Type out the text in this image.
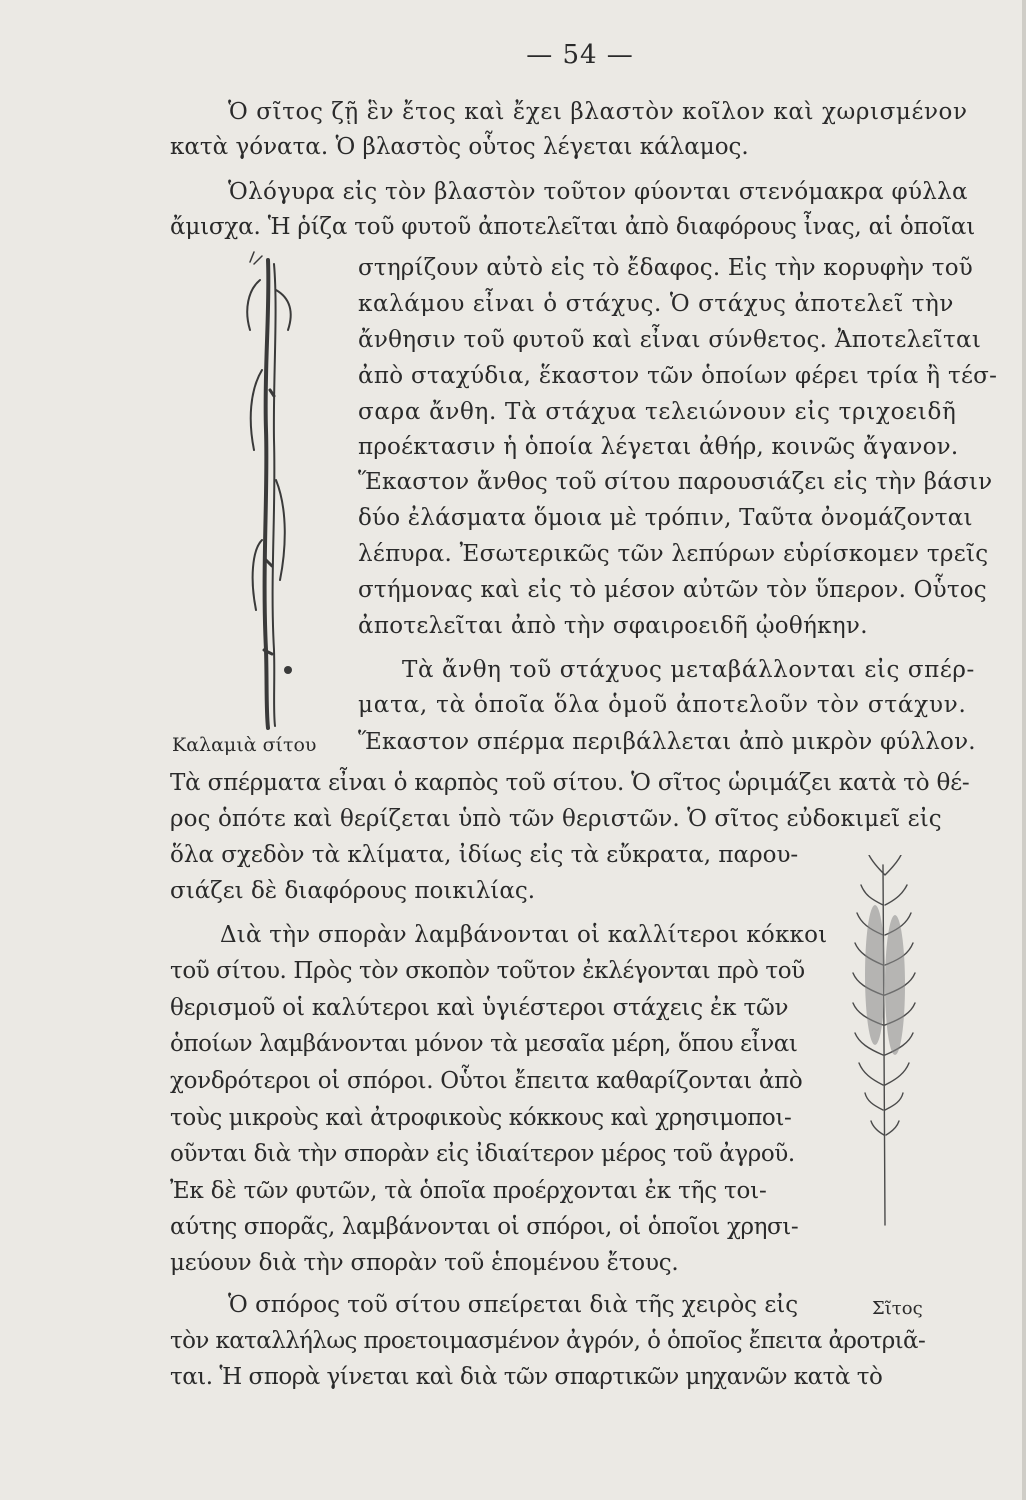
— 54 —
Ὁ σῖτος ζῇ ἓν ἔτος καὶ ἔχει βλαστὸν κοῖλον καὶ χωρισμένον
κατὰ γόνατα. Ὁ βλαστὸς οὗτος λέγεται κάλαμος.
Ὁλόγυρα εἰς τὸν βλαστὸν τοῦτον φύονται στενόμακρα φύλλα
ἄμισχα. Ἡ ῥίζα τοῦ φυτοῦ ἀποτελεῖται ἀπὸ διαφόρους ἶνας, αἱ ὁποῖαι
στηρίζουν αὐτὸ εἰς τὸ ἔδαφος. Εἰς τὴν κορυφὴν τοῦ
καλάμου εἶναι ὁ στάχυς. Ὁ στάχυς ἀποτελεῖ τὴν
ἄνθησιν τοῦ φυτοῦ καὶ εἶναι σύνθετος. Ἀποτελεῖται
ἀπὸ σταχύδια, ἕκαστον τῶν ὁποίων φέρει τρία ἢ τέσ-
σαρα ἄνθη. Τὰ στάχυα τελειώνουν εἰς τριχοειδῆ
προέκτασιν ἡ ὁποία λέγεται ἀθήρ, κοινῶς ἄγανον.
Ἕκαστον ἄνθος τοῦ σίτου παρουσιάζει εἰς τὴν βάσιν
δύο ἐλάσματα ὅμοια μὲ τρόπιν, Ταῦτα ὀνομάζονται
λέπυρα. Ἐσωτερικῶς τῶν λεπύρων εὑρίσκομεν τρεῖς
στήμονας καὶ εἰς τὸ μέσον αὐτῶν τὸν ὕπερον. Οὗτος
ἀποτελεῖται ἀπὸ τὴν σφαιροειδῆ ᾠοθήκην.
Τὰ ἄνθη τοῦ στάχυος μεταβάλλονται εἰς σπέρ-
ματα, τὰ ὁποῖα ὅλα ὁμοῦ ἀποτελοῦν τὸν στάχυν.
Ἕκαστον σπέρμα περιβάλλεται ἀπὸ μικρὸν φύλλον.
Τὰ σπέρματα εἶναι ὁ καρπὸς τοῦ σίτου. Ὁ σῖτος ὡριμάζει κατὰ τὸ θέ-
ρος ὁπότε καὶ θερίζεται ὑπὸ τῶν θεριστῶν. Ὁ σῖτος εὐδοκιμεῖ εἰς
ὅλα σχεδὸν τὰ κλίματα, ἰδίως εἰς τὰ εὔκρατα, παρου-
σιάζει δὲ διαφόρους ποικιλίας.
Διὰ τὴν σπορὰν λαμβάνονται οἱ καλλίτεροι κόκκοι
τοῦ σίτου. Πρὸς τὸν σκοπὸν τοῦτον ἐκλέγονται πρὸ τοῦ
θερισμοῦ οἱ καλύτεροι καὶ ὑγιέστεροι στάχεις ἐκ τῶν
ὁποίων λαμβάνονται μόνον τὰ μεσαῖα μέρη, ὅπου εἶναι
χονδρότεροι οἱ σπόροι. Οὗτοι ἔπειτα καθαρίζονται ἀπὸ
τοὺς μικροὺς καὶ ἀτροφικοὺς κόκκους καὶ χρησιμοποι-
οῦνται διὰ τὴν σπορὰν εἰς ἰδιαίτερον μέρος τοῦ ἀγροῦ.
Ἐκ δὲ τῶν φυτῶν, τὰ ὁποῖα προέρχονται ἐκ τῆς τοι-
αύτης σπορᾶς, λαμβάνονται οἱ σπόροι, οἱ ὁποῖοι χρησι-
μεύουν διὰ τὴν σπορὰν τοῦ ἑπομένου ἔτους.
Ὁ σπόρος τοῦ σίτου σπείρεται διὰ τῆς χειρὸς εἰς
τὸν καταλλήλως προετοιμασμένον ἀγρόν, ὁ ὁποῖος ἔπειτα ἀροτριᾶ-
ται. Ἡ σπορὰ γίνεται καὶ διὰ τῶν σπαρτικῶν μηχανῶν κατὰ τὸ
Καλαμιὰ σίτου
Σῖτος
